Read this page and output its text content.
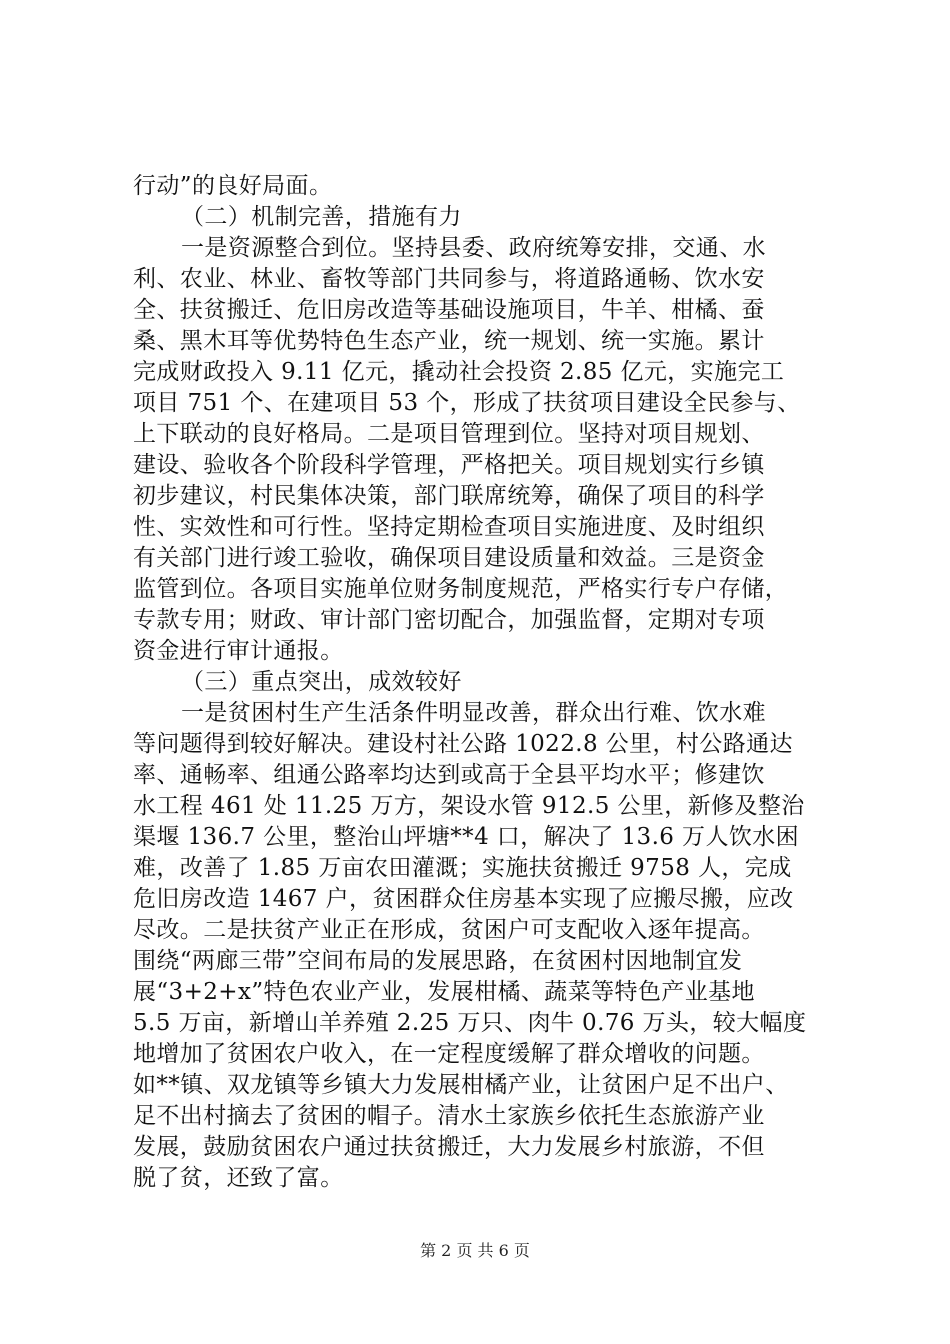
行动”的良好局面。
（二）机制完善，措施有力
一是资源整合到位。坚持县委、政府统筹安排，交通、水
利、农业、林业、畜牧等部门共同参与，将道路通畅、饮水安
全、扶贫搬迁、危旧房改造等基础设施项目，牛羊、柑橘、蚕
桑、黑木耳等优势特色生态产业，统一规划、统一实施。累计
完成财政投入 9.11 亿元，撬动社会投资 2.85 亿元，实施完工
项目 751 个、在建项目 53 个，形成了扶贫项目建设全民参与、
上下联动的良好格局。二是项目管理到位。坚持对项目规划、
建设、验收各个阶段科学管理，严格把关。项目规划实行乡镇
初步建议，村民集体决策，部门联席统筹，确保了项目的科学
性、实效性和可行性。坚持定期检查项目实施进度、及时组织
有关部门进行竣工验收，确保项目建设质量和效益。三是资金
监管到位。各项目实施单位财务制度规范，严格实行专户存储，
专款专用；财政、审计部门密切配合，加强监督，定期对专项
资金进行审计通报。
（三）重点突出，成效较好
一是贫困村生产生活条件明显改善，群众出行难、饮水难
等问题得到较好解决。建设村社公路 1022.8 公里，村公路通达
率、通畅率、组通公路率均达到或高于全县平均水平；修建饮
水工程 461 处 11.25 万方，架设水管 912.5 公里，新修及整治
渠堰 136.7 公里，整治山坪塘**4 口，解决了 13.6 万人饮水困
难，改善了 1.85 万亩农田灌溉；实施扶贫搬迁 9758 人，完成
危旧房改造 1467 户，贫困群众住房基本实现了应搬尽搬，应改
尽改。二是扶贫产业正在形成，贫困户可支配收入逐年提高。
围绕“两廊三带”空间布局的发展思路，在贫困村因地制宜发
展“3+2+x”特色农业产业，发展柑橘、蔬菜等特色产业基地
5.5 万亩，新增山羊养殖 2.25 万只、肉牛 0.76 万头，较大幅度
地增加了贫困农户收入，在一定程度缓解了群众增收的问题。
如**镇、双龙镇等乡镇大力发展柑橘产业，让贫困户足不出户、
足不出村摘去了贫困的帽子。清水土家族乡依托生态旅游产业
发展，鼓励贫困农户通过扶贫搬迁，大力发展乡村旅游，不但
脱了贫，还致了富。
第 2 页 共 6 页
